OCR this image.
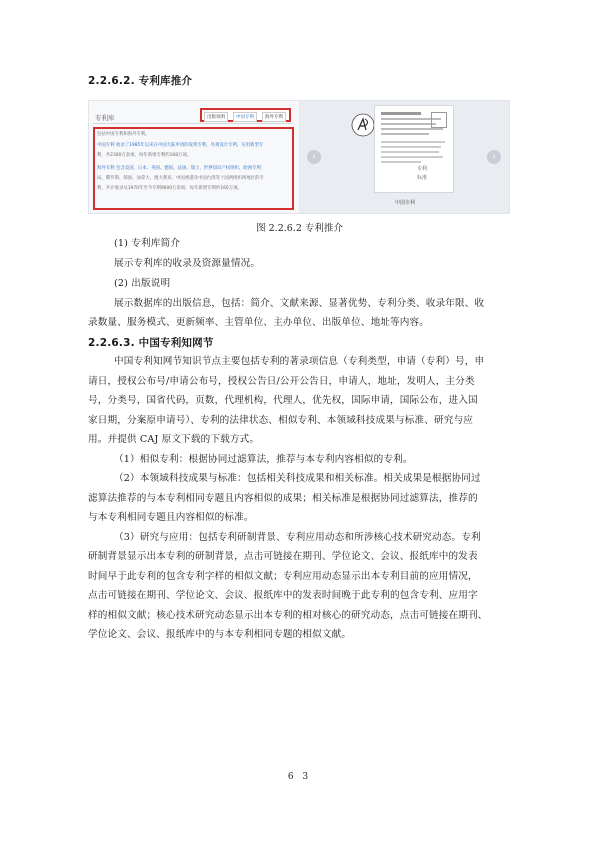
2.2.6.2. 专利库推介
专利库	出版说明	中国专利	海外专利
包括中国专利和海外专利。
中国专利 收录了1985年以来在中国大陆申请的发明专利、外观设计专利、实用新型专
利，共2300万余项，每年新增专利约168万项。
海外专利 包含美国、日本、英国、德国、法国、瑞士、世界知识产权组织、欧洲专利
局、俄罗斯、韩国、加拿大、澳大利亚、中国香港及中国台湾等十国两组织两地区的专
利，共计收录从1970年至今专利9600万余项，每年新增专利约160万项。
‹	›
专利
标准
中国专利
图 2.2.6.2 专利推介
(1) 专利库简介
展示专利库的收录及资源量情况。
(2) 出版说明
展示数据库的出版信息，包括：简介、文献来源、显著优势、专利分类、收录年限、收
录数量、服务模式、更新频率、主管单位、主办单位、出版单位、地址等内容。
2.2.6.3. 中国专利知网节
中国专利知网节知识节点主要包括专利的著录项信息（专利类型，申请（专利）号，申
请日，授权公布号/申请公布号，授权公告日/公开公告日，申请人，地址，发明人，主分类
号，分类号，国省代码，页数，代理机构，代理人，优先权，国际申请，国际公布，进入国
家日期，分案原申请号）、专利的法律状态、相似专利、本领域科技成果与标准、研究与应
用。并提供 CAJ 原文下载的下载方式。
（1）相似专利：根据协同过滤算法，推荐与本专利内容相似的专利。
（2）本领域科技成果与标准：包括相关科技成果和相关标准。相关成果是根据协同过
滤算法推荐的与本专利相同专题且内容相似的成果；相关标准是根据协同过滤算法，推荐的
与本专利相同专题且内容相似的标准。
（3）研究与应用：包括专利研制背景、专利应用动态和所涉核心技术研究动态。专利
研制背景显示出本专利的研制背景，点击可链接在期刊、学位论文、会议、报纸库中的发表
时间早于此专利的包含专利字样的相似文献；专利应用动态显示出本专利目前的应用情况，
点击可链接在期刊、学位论文、会议、报纸库中的发表时间晚于此专利的包含专利、应用字
样的相似文献；核心技术研究动态显示出本专利的相对核心的研究动态，点击可链接在期刊、
学位论文、会议、报纸库中的与本专利相同专题的相似文献。
6 3
